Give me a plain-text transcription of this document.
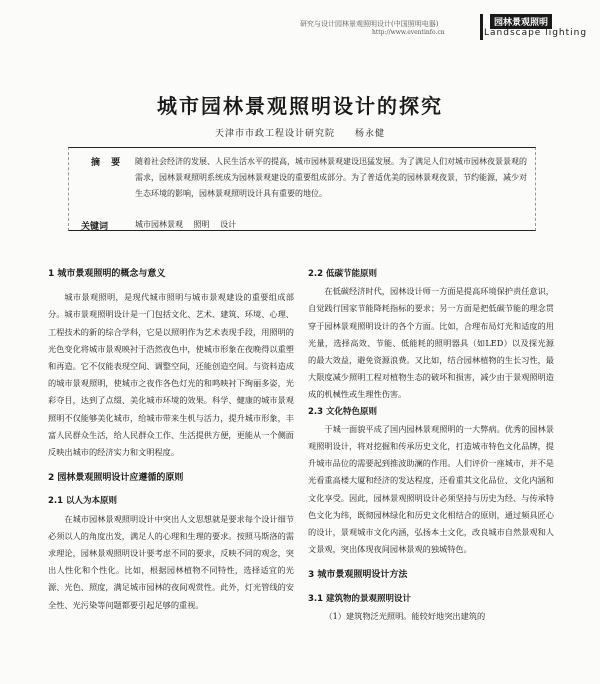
研究与设计园林景观照明设计(中国照明电器)
http://www.eventinfo.cn
园林景观照明
Landscape lighting
城市园林景观照明设计的探究
天津市市政工程设计研究院 杨永健
摘 要 随着社会经济的发展、人民生活水平的提高，城市园林景观建设迅猛发展。为了满足人们对城市园林夜景景观的需求，园林景观照明系统成为园林景观建设的重要组成部分。为了普适优美的园林景观夜景，节约能源，减少对生态环境的影响，园林景观照明设计具有重要的地位。
关键词	城市园林景观 照明 设计
1 城市景观照明的概念与意义

城市景观照明，是现代城市照明与城市景观建设的重要组成部分。城市景观照明设计是一门包括文化、艺术、建筑、环境、心理、工程技术的新的综合学科，它是以照明作为艺术表现手段，用照明的光色变化将城市景观映衬于浩然夜色中，使城市形象在夜晚得以重塑和再造。它不仅能表现空间、调整空间，还能创造空间。与资料造成的城市景观照明，使城市之夜作各色灯光的和鸣映衬下绚丽多姿，光彩夺目，达到了点缀、美化城市环境的效果。科学、健康的城市景观照明不仅能够美化城市，给城市带来生机与活力，提升城市形象，丰富人民群众生活，给人民群众工作、生活提供方便，更能从一个侧面反映出城市的经济实力和文明程度。

2 园林景观照明设计应遵循的原则
2.1 以人为本原则

在城市园林景观照明设计中突出人文思想就是要求每个设计细节必须以人的角度出发，满足人的心理和生理的要求。按照马斯洛的需求理论，园林景观照明设计要考虑不同的要求，反映不同的观念，突出人性化和个性化。比如，根据园林植物不同特性，选择适宜的光源、光色、照度，满足城市园林的夜间观赏性。此外，灯光管线的安全性、光污染等问题都要引起足够的重视。

2.2 低碳节能原则

在低碳经济时代，园林设计师一方面是提高环境保护责任意识，自觉践行国家节能降耗指标的要求；另一方面是把低碳节能的理念贯穿于园林景观照明设计的各个方面。比如，合理布局灯光和适度的用光量，选择高效、节能、低能耗的照明器具（如LED）以及探光源的最大效益，避免资源浪费。又比如，结合园林植物的生长习性，最大限度减少照明工程对植物生态的破坏和损害，减少由于景观照明造成的机械性或生理性伤害。

2.3 文化特色原则

于城一面貌平成了国内园林景观照明的一大弊病。优秀的园林景观照明设计，将对挖掘和传承历史文化，打造城市特色文化品牌，提升城市品位的需要起到推波助澜的作用。人们评价一座城市，并不是光看重高楼大厦和经济的发达程度，还看重其文化品位、文化内涵和文化享受。因此，园林景观照明设计必须坚持与历史为经、与传承特色文化为纬，既彻园林绿化和历史文化相结合的原则，通过频具匠心的设计，景观城市文化内涵，弘扬本土文化，改良城市自然景观和人文景观，突出体现夜间园林景观的独城特色。

3 城市景观照明设计方法
3.1 建筑物的景观照明设计

（1）建筑物泛光照明。能较好地突出建筑的
